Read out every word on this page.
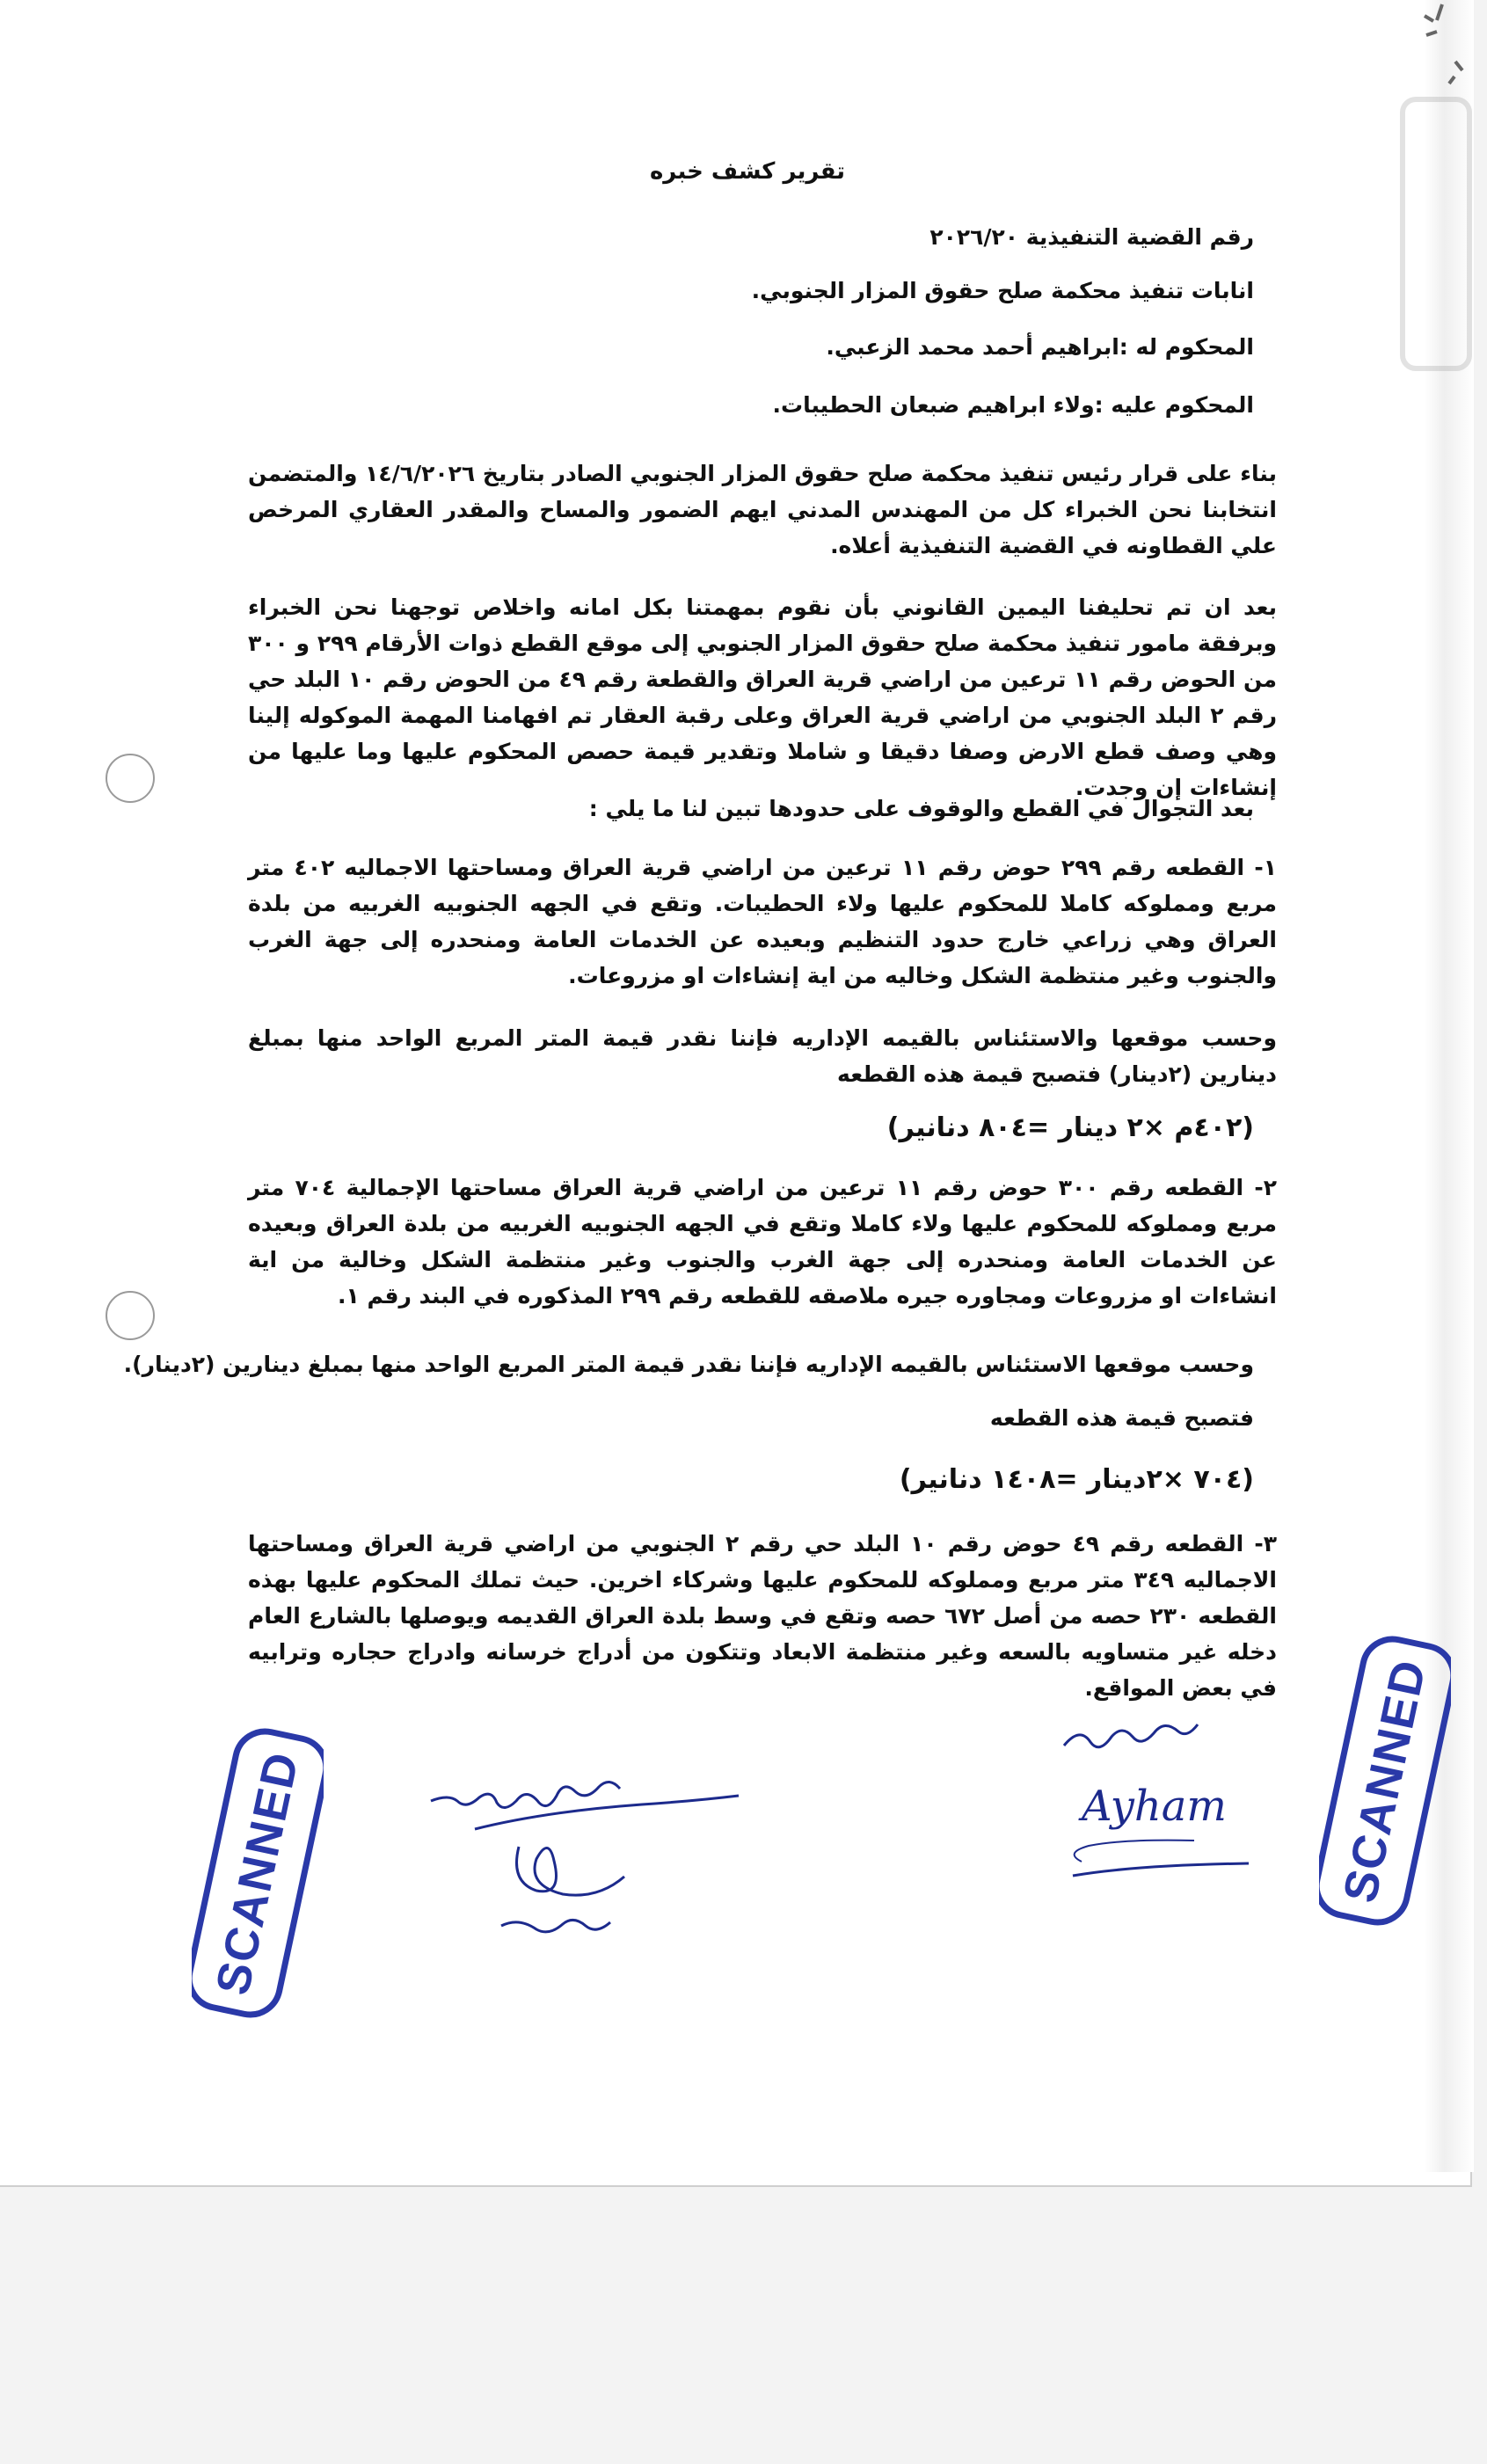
تقرير كشف خبره
رقم القضية التنفيذية ٢٠٢٦/٢٠
انابات تنفيذ محكمة صلح حقوق المزار الجنوبي.
المحكوم له :ابراهيم أحمد محمد الزعبي.
المحكوم عليه :ولاء ابراهيم ضبعان الحطيبات.
بناء على قرار رئيس تنفيذ محكمة صلح حقوق المزار الجنوبي الصادر بتاريخ ١٤/٦/٢٠٢٦ والمتضمن انتخابنا نحن الخبراء كل من المهندس المدني ايهم الضمور والمساح والمقدر العقاري المرخص علي القطاونه في القضية التنفيذية أعلاه.
بعد ان تم تحليفنا اليمين القانوني بأن نقوم بمهمتنا بكل امانه واخلاص توجهنا نحن الخبراء وبرفقة مامور تنفيذ محكمة صلح حقوق المزار الجنوبي إلى موقع القطع ذوات الأرقام ٢٩٩ و ٣٠٠ من الحوض رقم ١١ ترعين من اراضي قرية العراق والقطعة رقم ٤٩ من الحوض رقم ١٠ البلد حي رقم ٢ البلد الجنوبي من اراضي قرية العراق وعلى رقبة العقار تم افهامنا المهمة الموكوله إلينا وهي وصف قطع الارض وصفا دقيقا و شاملا وتقدير قيمة حصص المحكوم عليها وما عليها من إنشاءات إن وجدت.
بعد التجوال في القطع والوقوف على حدودها تبين لنا ما يلي :
١- القطعه رقم ٢٩٩ حوض رقم ١١ ترعين من اراضي قرية العراق ومساحتها الاجماليه ٤٠٢ متر مربع ومملوكه كاملا للمحكوم عليها ولاء الحطيبات. وتقع في الجهه الجنوبيه الغربيه من بلدة العراق وهي زراعي خارج حدود التنظيم وبعيده عن الخدمات العامة ومنحدره إلى جهة الغرب والجنوب وغير منتظمة الشكل وخاليه من اية إنشاءات او مزروعات.
وحسب موقعها والاستئناس بالقيمه الإداريه فإننا نقدر قيمة المتر المربع الواحد منها بمبلغ دينارين (٢دينار) فتصبح قيمة هذه القطعه
(٤٠٢م ×٢ دينار =٨٠٤ دنانير)
٢- القطعه رقم ٣٠٠ حوض رقم ١١ ترعين من اراضي قرية العراق مساحتها الإجمالية ٧٠٤ متر مربع ومملوكه للمحكوم عليها ولاء كاملا وتقع في الجهه الجنوبيه الغربيه من بلدة العراق وبعيده عن الخدمات العامة ومنحدره إلى جهة الغرب والجنوب وغير منتظمة الشكل وخالية من اية انشاءات او مزروعات ومجاوره جيره ملاصقه للقطعه رقم ٢٩٩ المذكوره في البند رقم ١.
وحسب موقعها الاستئناس بالقيمه الإداريه فإننا نقدر قيمة المتر المربع الواحد منها بمبلغ دينارين (٢دينار).
فتصبح قيمة هذه القطعه
(٧٠٤ ×٢دينار =١٤٠٨ دنانير)
٣- القطعه رقم ٤٩ حوض رقم ١٠ البلد حي رقم ٢ الجنوبي من اراضي قرية العراق ومساحتها الاجماليه ٣٤٩ متر مربع ومملوكه للمحكوم عليها وشركاء اخرين. حيث تملك المحكوم عليها بهذه القطعه ٢٣٠ حصه من أصل ٦٧٢ حصه وتقع في وسط بلدة العراق القديمه ويوصلها بالشارع العام دخله غير متساويه بالسعه وغير منتظمة الابعاد وتتكون من أدراج خرسانه وادراج حجاره وترابيه في بعض المواقع.
SCANNED	SCANNED
Ayham
